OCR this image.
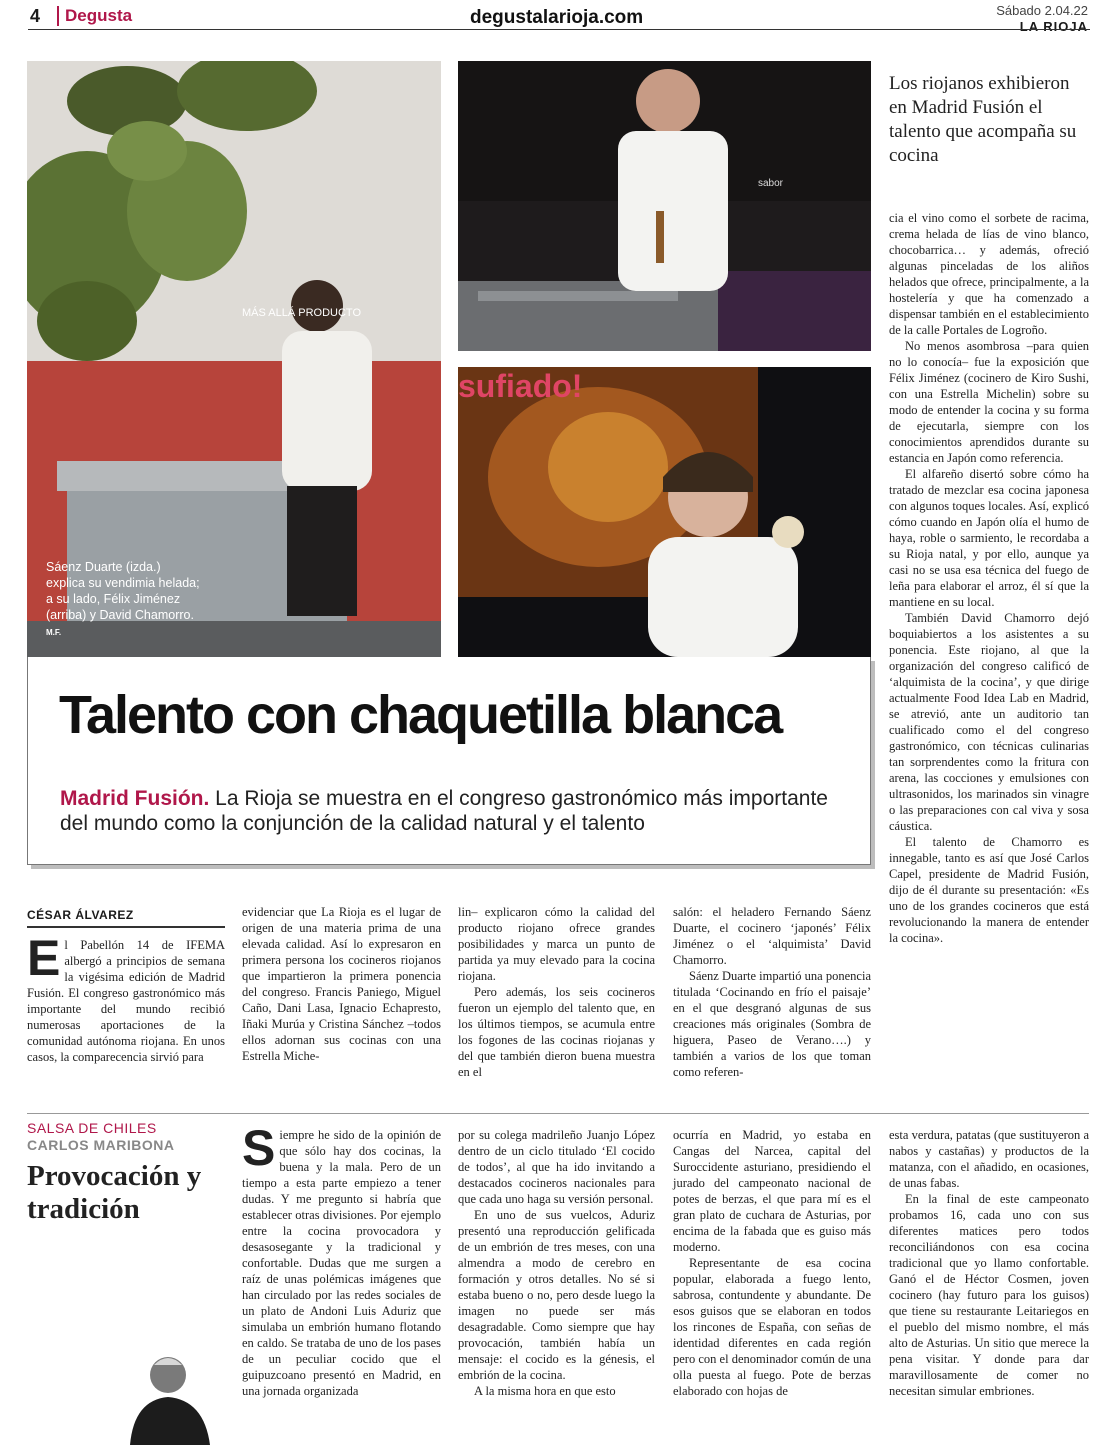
4	Degusta	degustalarioja.com	Sábado 2.04.22
LA RIOJA
MÁS ALLÁ PRODUCTO
Sáenz Duarte (izda.) explica su vendimia helada; a su lado, Félix Jiménez (arriba) y David Chamorro. M.F.
sabor
sufiado!
Los riojanos exhibieron en Madrid Fusión el talento que acompaña su cocina
Talento con chaquetilla blanca
Madrid Fusión. La Rioja se muestra en el congreso gastronómico más importante del mundo como la conjunción de la calidad natural y el talento
CÉSAR ÁLVAREZ

El Pabellón 14 de IFEMA albergó a principios de semana la vigésima edición de Madrid Fusión. El congreso gastronómico más importante del mundo recibió numerosas aportaciones de la comunidad autónoma riojana. En unos casos, la comparecencia sirvió para

evidenciar que La Rioja es el lugar de origen de una materia prima de una elevada calidad. Así lo expresaron en primera persona los cocineros riojanos que impartieron la primera ponencia del congreso. Francis Paniego, Miguel Caño, Dani Lasa, Ignacio Echapresto, Iñaki Murúa y Cristina Sánchez –todos ellos adornan sus cocinas con una Estrella Miche-

lin– explicaron cómo la calidad del producto riojano ofrece grandes posibilidades y marca un punto de partida ya muy elevado para la cocina riojana.

Pero además, los seis cocineros fueron un ejemplo del talento que, en los últimos tiempos, se acumula entre los fogones de las cocinas riojanas y del que también dieron buena muestra en el

salón: el heladero Fernando Sáenz Duarte, el cocinero ‘japonés’ Félix Jiménez o el ‘alquimista’ David Chamorro.

Sáenz Duarte impartió una ponencia titulada ‘Cocinando en frío el paisaje’ en el que desgranó algunas de sus creaciones más originales (Sombra de higuera, Paseo de Verano….) y también a varios de los que toman como referen-

cia el vino como el sorbete de racima, crema helada de lías de vino blanco, chocobarrica… y además, ofreció algunas pinceladas de los aliños helados que ofrece, principalmente, a la hostelería y que ha comenzado a dispensar también en el establecimiento de la calle Portales de Logroño.

No menos asombrosa –para quien no lo conocía– fue la exposición que Félix Jiménez (cocinero de Kiro Sushi, con una Estrella Michelin) sobre su modo de entender la cocina y su forma de ejecutarla, siempre con los conocimientos aprendidos durante su estancia en Japón como referencia.

El alfareño disertó sobre cómo ha tratado de mezclar esa cocina japonesa con algunos toques locales. Así, explicó cómo cuando en Japón olía el humo de haya, roble o sarmiento, le recordaba a su Rioja natal, y por ello, aunque ya casi no se usa esa técnica del fuego de leña para elaborar el arroz, él sí que la mantiene en su local.

También David Chamorro dejó boquiabiertos a los asistentes a su ponencia. Este riojano, al que la organización del congreso calificó de ‘alquimista de la cocina’, y que dirige actualmente Food Idea Lab en Madrid, se atrevió, ante un auditorio tan cualificado como el del congreso gastronómico, con técnicas culinarias tan sorprendentes como la fritura con arena, las cocciones y emulsiones con ultrasonidos, los marinados sin vinagre o las preparaciones con cal viva y sosa cáustica.

El talento de Chamorro es innegable, tanto es así que José Carlos Capel, presidente de Madrid Fusión, dijo de él durante su presentación: «Es uno de los grandes cocineros que está revolucionando la manera de entender la cocina».

SALSA DE CHILES
CARLOS MARIBONA
Provocación y tradición

Siempre he sido de la opinión de que sólo hay dos cocinas, la buena y la mala. Pero de un tiempo a esta parte empiezo a tener dudas. Y me pregunto si habría que establecer otras divisiones. Por ejemplo entre la cocina provocadora y desasosegante y la tradicional y confortable. Dudas que me surgen a raíz de unas polémicas imágenes que han circulado por las redes sociales de un plato de Andoni Luis Aduriz que simulaba un embrión humano flotando en caldo. Se trataba de uno de los pases de un peculiar cocido que el guipuzcoano presentó en Madrid, en una jornada organizada

por su colega madrileño Juanjo López dentro de un ciclo titulado ‘El cocido de todos’, al que ha ido invitando a destacados cocineros nacionales para que cada uno haga su versión personal.

En uno de sus vuelcos, Aduriz presentó una reproducción gelificada de un embrión de tres meses, con una almendra a modo de cerebro en formación y otros detalles. No sé si estaba bueno o no, pero desde luego la imagen no puede ser más desagradable. Como siempre que hay provocación, también había un mensaje: el cocido es la génesis, el embrión de la cocina.

A la misma hora en que esto

ocurría en Madrid, yo estaba en Cangas del Narcea, capital del Suroccidente asturiano, presidiendo el jurado del campeonato nacional de potes de berzas, el que para mí es el gran plato de cuchara de Asturias, por encima de la fabada que es guiso más moderno.

Representante de esa cocina popular, elaborada a fuego lento, sabrosa, contundente y abundante. De esos guisos que se elaboran en todos los rincones de España, con señas de identidad diferentes en cada región pero con el denominador común de una olla puesta al fuego. Pote de berzas elaborado con hojas de

esta verdura, patatas (que sustituyeron a nabos y castañas) y productos de la matanza, con el añadido, en ocasiones, de unas fabas.

En la final de este campeonato probamos 16, cada uno con sus diferentes matices pero todos reconciliándonos con esa cocina tradicional que yo llamo confortable. Ganó el de Héctor Cosmen, joven cocinero (hay futuro para los guisos) que tiene su restaurante Leitariegos en el pueblo del mismo nombre, el más alto de Asturias. Un sitio que merece la pena visitar. Y donde para dar maravillosamente de comer no necesitan simular embriones.
